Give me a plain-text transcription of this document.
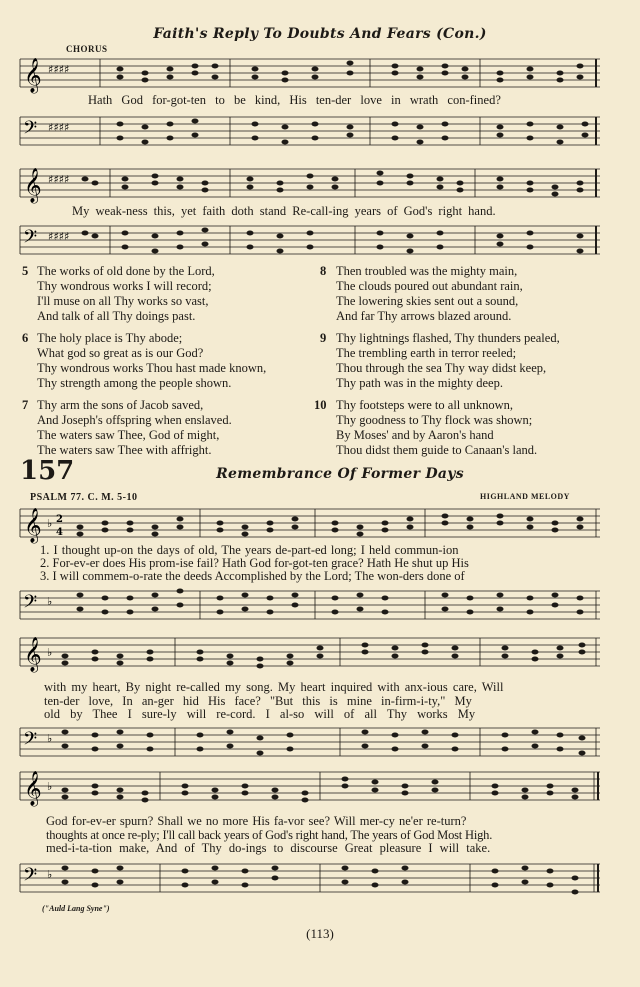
Faith's Reply To Doubts And Fears (Con.)
CHORUS
𝄞 ♯♯♯♯
Hath God for-got-ten to be kind, His ten-der love in wrath con-fined?
𝄢 ♯♯♯♯
𝄞 ♯♯♯♯
My weak-ness this, yet faith doth stand Re-call-ing years of God's right hand.
𝄢 ♯♯♯♯
5 The works of old done by the Lord,
Thy wondrous works I will record;
I'll muse on all Thy works so vast,
And talk of all Thy doings past.
6 The holy place is Thy abode;
What god so great as is our God?
Thy wondrous works Thou hast made known,
Thy strength among the people shown.
7 Thy arm the sons of Jacob saved,
And Joseph's offspring when enslaved.
The waters saw Thee, God of might,
The waters saw Thee with affright.
8 Then troubled was the mighty main,
The clouds poured out abundant rain,
The lowering skies sent out a sound,
And far Thy arrows blazed around.
9 Thy lightnings flashed, Thy thunders pealed,
The trembling earth in terror reeled;
Thou through the sea Thy way didst keep,
Thy path was in the mighty deep.
10 Thy footsteps were to all unknown,
Thy goodness to Thy flock was shown;
By Moses' and by Aaron's hand
Thou didst them guide to Canaan's land.
157	Remembrance Of Former Days
PSALM 77. C. M. 5-10	HIGHLAND MELODY
𝄞 ♭ 2
4
1. I thought up-on the days of old, The years de-part-ed long; I held commun-ion
2. For-ev-er does His prom-ise fail? Hath God for-got-ten grace? Hath He shut up His
3. I will commem-o-rate the deeds Accomplished by the Lord; The won-ders done of
𝄢 ♭
𝄞 ♭
with my heart, By night re-called my song. My heart inquired with anx-ious care, Will
ten-der love, In an-ger hid His face? "But this is mine in-firm-i-ty," My
old by Thee I sure-ly will re-cord. I al-so will of all Thy works My
𝄢 ♭
𝄞 ♭
God for-ev-er spurn? Shall we no more His fa-vor see? Will mer-cy ne'er re-turn?
thoughts at once re-ply; I'll call back years of God's right hand, The years of God Most High.
med-i-ta-tion make, And of Thy do-ings to discourse Great pleasure I will take.
𝄢 ♭
("Auld Lang Syne")
(113)
